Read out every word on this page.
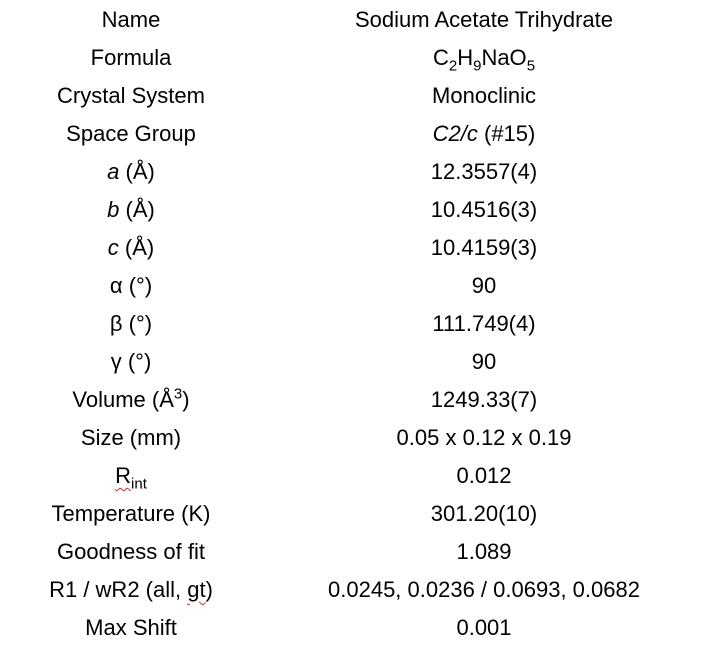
Name	Sodium Acetate Trihydrate
Formula	$C_2H_9NaO_5$
Crystal System	Monoclinic
Space Group	C2/c (#15)
a (Å)	12.3557(4)
b (Å)	10.4516(3)
c (Å)	10.4159(3)
α (°)	90
β (°)	111.749(4)
γ (°)	90
Volume $(Å^3)$	1249.33(7)
Size (mm)	0.05 x 0.12 x 0.19
$R_{int}$	0.012
Temperature (K)	301.20(10)
Goodness of fit	1.089
R1 / wR2 (all, gt)	0.0245, 0.0236 / 0.0693, 0.0682
Max Shift	0.001
